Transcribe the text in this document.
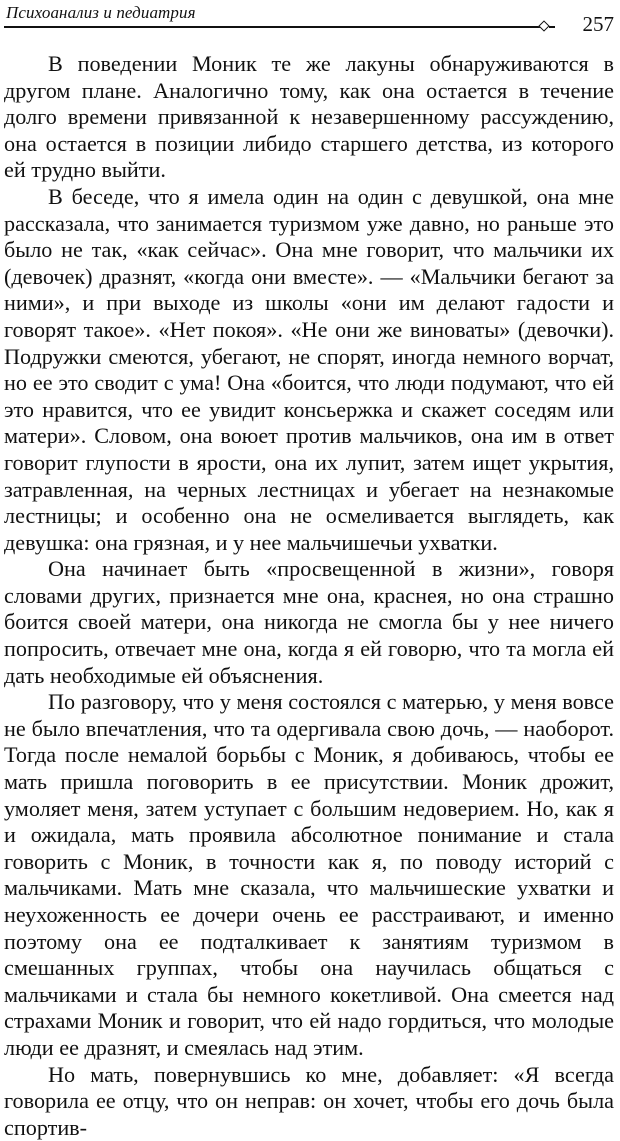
Психоанализ и педиатрия	257

В поведении Моник те же лакуны обнаруживаются в другом плане. Аналогично тому, как она остается в течение долго времени привязанной к незавершенному рассуждению, она остается в позиции либидо старшего детства, из которого ей трудно выйти.

В беседе, что я имела один на один с девушкой, она мне рассказала, что занимается туризмом уже давно, но раньше это было не так, «как сейчас». Она мне говорит, что мальчики их (девочек) дразнят, «когда они вместе». — «Мальчики бегают за ними», и при выходе из школы «они им делают гадости и говорят такое». «Нет покоя». «Не они же виноваты» (девочки). Подружки смеются, убегают, не спорят, иногда немного ворчат, но ее это сводит с ума! Она «боится, что люди подумают, что ей это нравится, что ее увидит консьержка и скажет соседям или матери». Словом, она воюет против мальчиков, она им в ответ говорит глупости в ярости, она их лупит, затем ищет укрытия, затравленная, на черных лестницах и убегает на незнакомые лестницы; и особенно она не осмеливается выглядеть, как девушка: она грязная, и у нее мальчишечьи ухватки.

Она начинает быть «просвещенной в жизни», говоря словами других, признается мне она, краснея, но она страшно боится своей матери, она никогда не смогла бы у нее ничего попросить, отвечает мне она, когда я ей говорю, что та могла ей дать необходимые ей объяснения.

По разговору, что у меня состоялся с матерью, у меня вовсе не было впечатления, что та одергивала свою дочь, — наоборот. Тогда после немалой борьбы с Моник, я добиваюсь, чтобы ее мать пришла поговорить в ее присутствии. Моник дрожит, умоляет меня, затем уступает с большим недоверием. Но, как я и ожидала, мать проявила абсолютное понимание и стала говорить с Моник, в точности как я, по поводу историй с мальчиками. Мать мне сказала, что мальчишеские ухватки и неухоженность ее дочери очень ее расстраивают, и именно поэтому она ее подталкивает к занятиям туризмом в смешанных группах, чтобы она научилась общаться с мальчиками и стала бы немного кокетливой. Она смеется над страхами Моник и говорит, что ей надо гордиться, что молодые люди ее дразнят, и смеялась над этим.

Но мать, повернувшись ко мне, добавляет: «Я всегда говорила ее отцу, что он неправ: он хочет, чтобы его дочь была спортив-
